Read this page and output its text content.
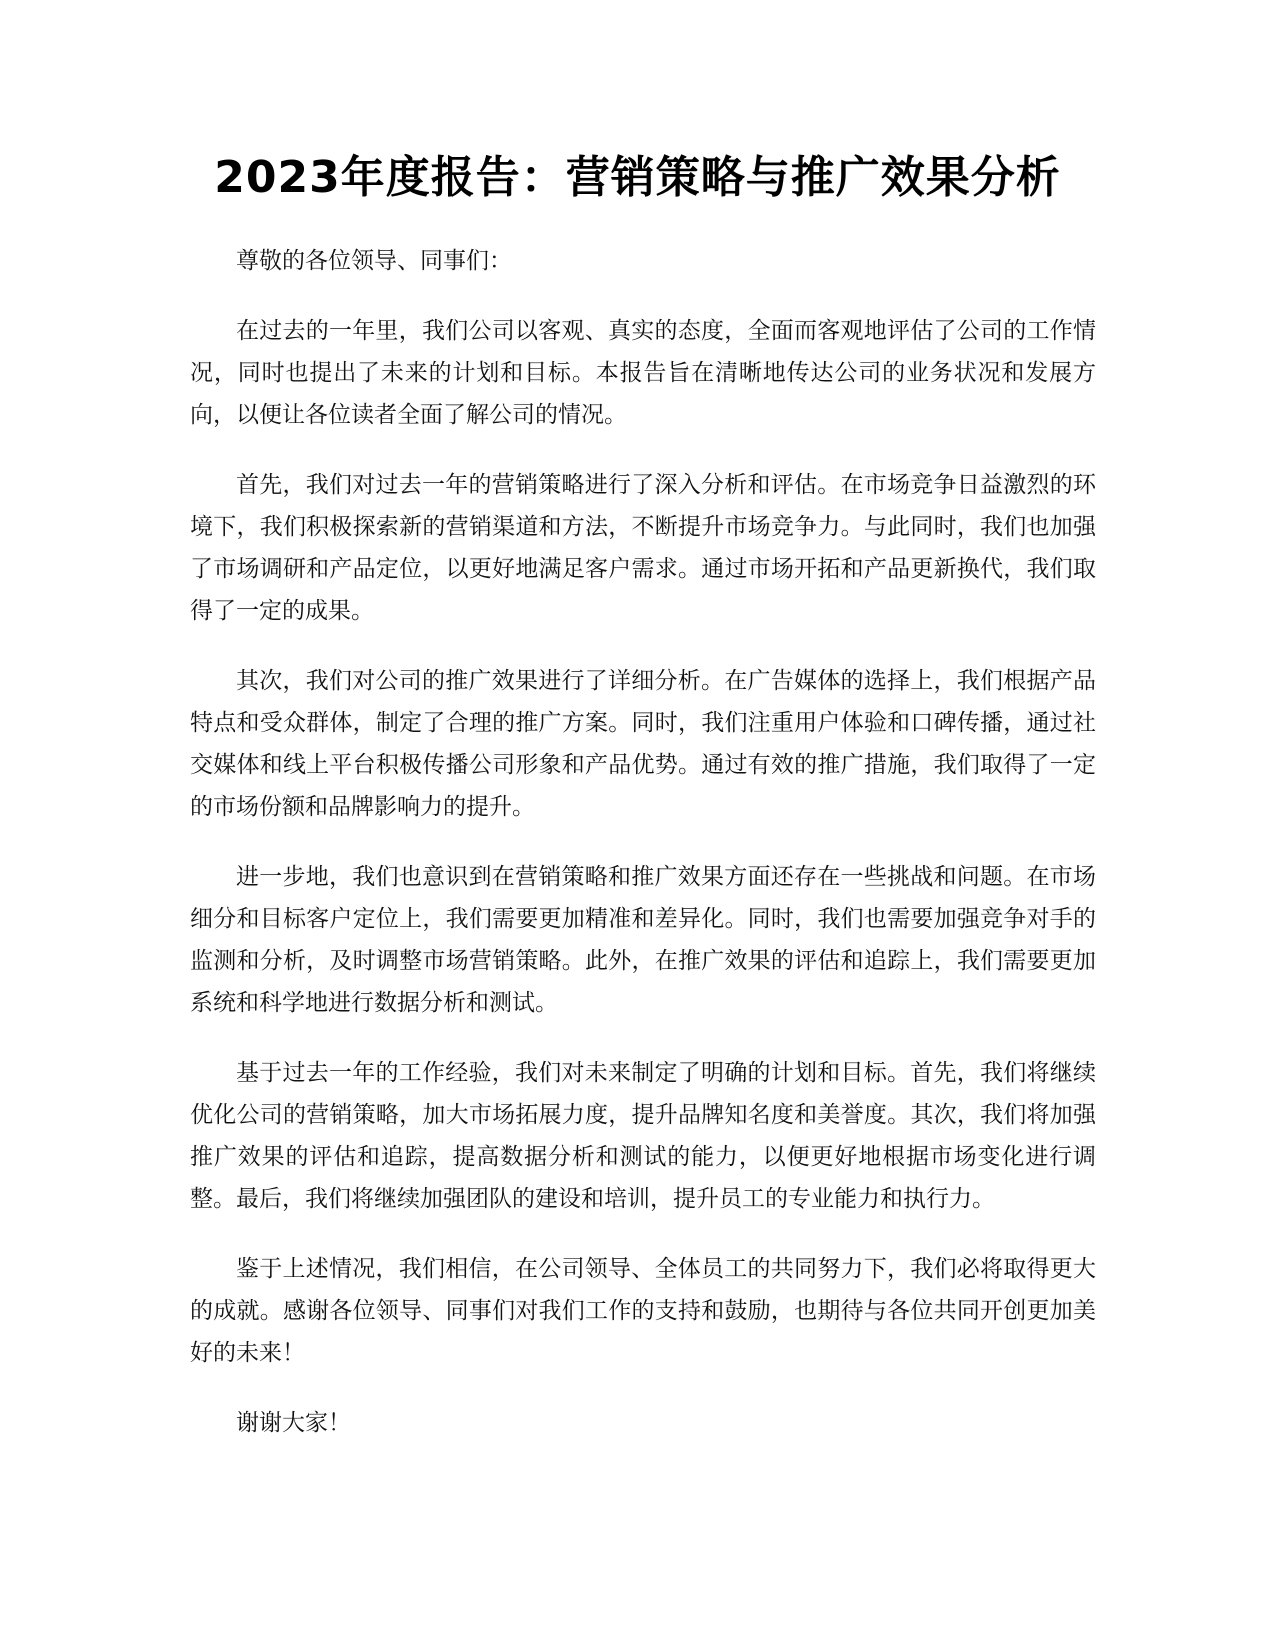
2023年度报告：营销策略与推广效果分析

尊敬的各位领导、同事们：

在过去的一年里，我们公司以客观、真实的态度，全面而客观地评估了公司的工作情况，同时也提出了未来的计划和目标。本报告旨在清晰地传达公司的业务状况和发展方向，以便让各位读者全面了解公司的情况。

首先，我们对过去一年的营销策略进行了深入分析和评估。在市场竞争日益激烈的环境下，我们积极探索新的营销渠道和方法，不断提升市场竞争力。与此同时，我们也加强了市场调研和产品定位，以更好地满足客户需求。通过市场开拓和产品更新换代，我们取得了一定的成果。

其次，我们对公司的推广效果进行了详细分析。在广告媒体的选择上，我们根据产品特点和受众群体，制定了合理的推广方案。同时，我们注重用户体验和口碑传播，通过社交媒体和线上平台积极传播公司形象和产品优势。通过有效的推广措施，我们取得了一定的市场份额和品牌影响力的提升。

进一步地，我们也意识到在营销策略和推广效果方面还存在一些挑战和问题。在市场细分和目标客户定位上，我们需要更加精准和差异化。同时，我们也需要加强竞争对手的监测和分析，及时调整市场营销策略。此外，在推广效果的评估和追踪上，我们需要更加系统和科学地进行数据分析和测试。

基于过去一年的工作经验，我们对未来制定了明确的计划和目标。首先，我们将继续优化公司的营销策略，加大市场拓展力度，提升品牌知名度和美誉度。其次，我们将加强推广效果的评估和追踪，提高数据分析和测试的能力，以便更好地根据市场变化进行调整。最后，我们将继续加强团队的建设和培训，提升员工的专业能力和执行力。

鉴于上述情况，我们相信，在公司领导、全体员工的共同努力下，我们必将取得更大的成就。感谢各位领导、同事们对我们工作的支持和鼓励，也期待与各位共同开创更加美好的未来！

谢谢大家！
